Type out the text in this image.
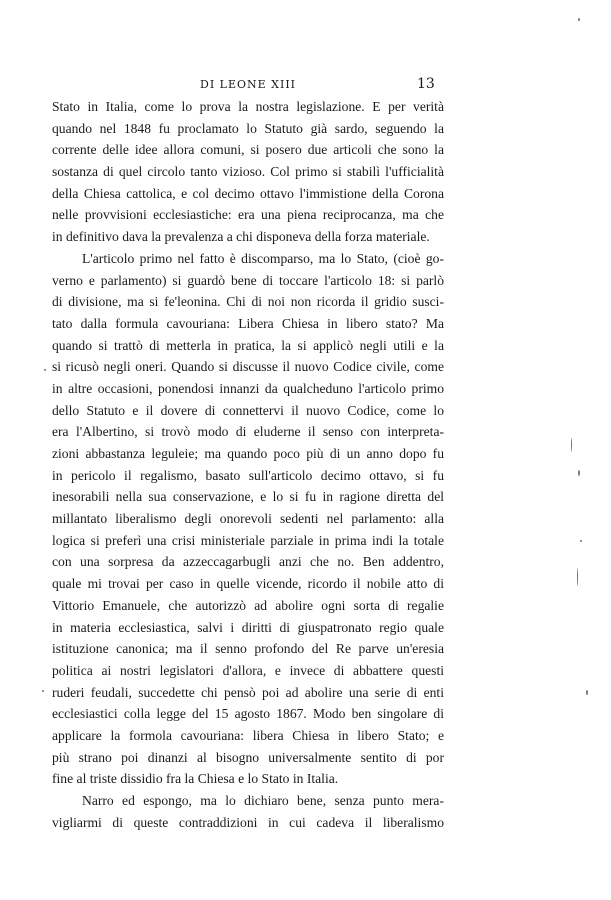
DI LEONE XIII	13
Stato in Italia, come lo prova la nostra legislazione. E per verità
quando nel 1848 fu proclamato lo Statuto già sardo, seguendo la
corrente delle idee allora comuni, si posero due articoli che sono la
sostanza di quel circolo tanto vizioso. Col primo si stabilì l'ufficialità
della Chiesa cattolica, e col decimo ottavo l'immistione della Corona
nelle provvisioni ecclesiastiche: era una piena reciprocanza, ma che
in definitivo dava la prevalenza a chi disponeva della forza materiale.
L'articolo primo nel fatto è discomparso, ma lo Stato, (cioè go-
verno e parlamento) si guardò bene di toccare l'articolo 18: si parlò
di divisione, ma si fe'leonina. Chi di noi non ricorda il gridio susci-
tato dalla formula cavouriana: Libera Chiesa in libero stato? Ma
quando si trattò di metterla in pratica, la si applicò negli utili e la
si ricusò negli oneri. Quando si discusse il nuovo Codice civile, come
in altre occasioni, ponendosi innanzi da qualcheduno l'articolo primo
dello Statuto e il dovere di connettervi il nuovo Codice, come lo
era l'Albertino, si trovò modo di eluderne il senso con interpreta-
zioni abbastanza leguleie; ma quando poco più di un anno dopo fu
in pericolo il regalismo, basato sull'articolo decimo ottavo, si fu
inesorabili nella sua conservazione, e lo si fu in ragione diretta del
millantato liberalismo degli onorevoli sedenti nel parlamento: alla
logica si preferì una crisi ministeriale parziale in prima indi la totale
con una sorpresa da azzeccagarbugli anzi che no. Ben addentro,
quale mi trovai per caso in quelle vicende, ricordo il nobile atto di
Vittorio Emanuele, che autorizzò ad abolire ogni sorta di regalie
in materia ecclesiastica, salvi i diritti di giuspatronato regio quale
istituzione canonica; ma il senno profondo del Re parve un'eresia
politica ai nostri legislatori d'allora, e invece di abbattere questi
ruderi feudali, succedette chi pensò poi ad abolire una serie di enti
ecclesiastici colla legge del 15 agosto 1867. Modo ben singolare di
applicare la formola cavouriana: libera Chiesa in libero Stato; e
più strano poi dinanzi al bisogno universalmente sentito di por
fine al triste dissidio fra la Chiesa e lo Stato in Italia.
Narro ed espongo, ma lo dichiaro bene, senza punto mera-
vigliarmi di queste contraddizioni in cui cadeva il liberalismo
